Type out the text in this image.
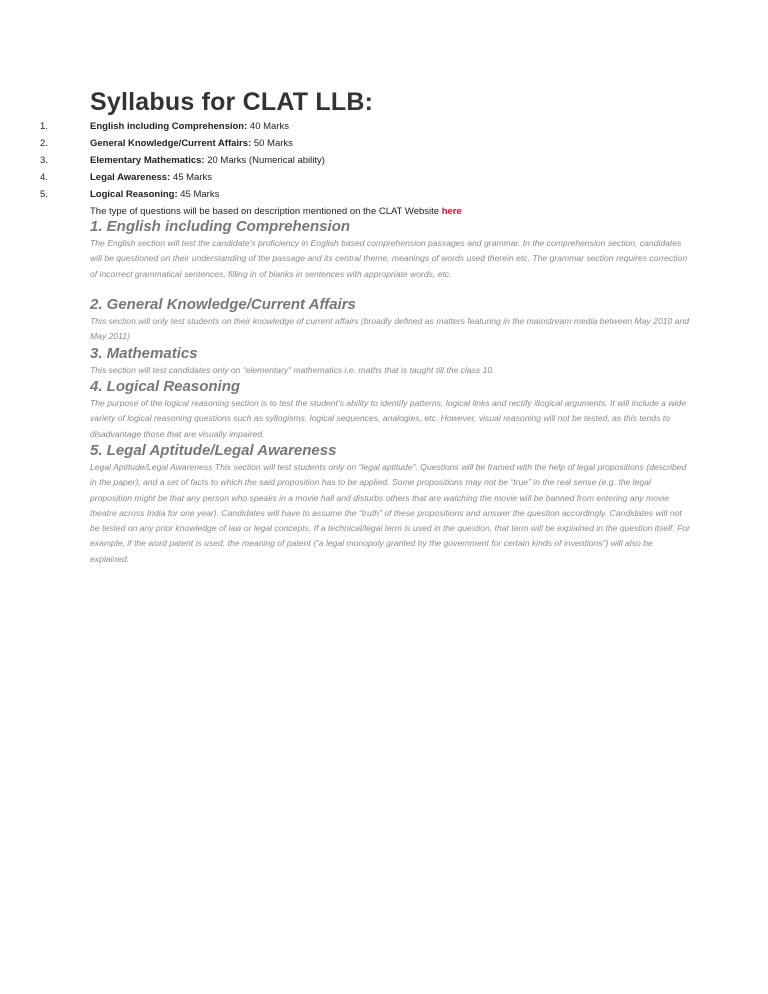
Syllabus for CLAT LLB:
1.	English including Comprehension: 40 Marks
2.	General Knowledge/Current Affairs: 50 Marks
3.	Elementary Mathematics: 20 Marks (Numerical ability)
4.	Legal Awareness: 45 Marks
5.	Logical Reasoning: 45 Marks

The type of questions will be based on description mentioned on the CLAT Website here

1. English including Comprehension

The English section will test the candidate’s proficiency in English based comprehension passages and grammar. In the comprehension section, candidates will be questioned on their understanding of the passage and its central theme, meanings of words used therein etc. The grammar section requires correction of incorrect grammatical sentences, filling in of blanks in sentences with appropriate words, etc.

2. General Knowledge/Current Affairs

This section will only test students on their knowledge of current affairs (broadly defined as matters featuring in the mainstream media between May 2010 and May 2011)

3. Mathematics

This section will test candidates only on “elementary” mathematics i.e. maths that is taught till the class 10.

4. Logical Reasoning

The purpose of the logical reasoning section is to test the student’s ability to identify patterns, logical links and rectify illogical arguments. It will include a wide variety of logical reasoning questions such as syllogisms, logical sequences, analogies, etc. However, visual reasoning will not be tested, as this tends to disadvantage those that are visually impaired.

5. Legal Aptitude/Legal Awareness

Legal Aptitude/Legal Awareness This section will test students only on “legal aptitude”. Questions will be framed with the help of legal propositions (described in the paper), and a set of facts to which the said proposition has to be applied. Some propositions may not be “true” in the real sense (e.g. the legal proposition might be that any person who speaks in a movie hall and disturbs others that are watching the movie will be banned from entering any movie theatre across India for one year). Candidates will have to assume the “truth” of these propositions and answer the question accordingly. Candidates will not be tested on any prior knowledge of law or legal concepts. If a technical/legal term is used in the question, that term will be explained in the question itself. For example, if the word patent is used, the meaning of patent (“a legal monopoly granted by the government for certain kinds of inventions”) will also be explained.
